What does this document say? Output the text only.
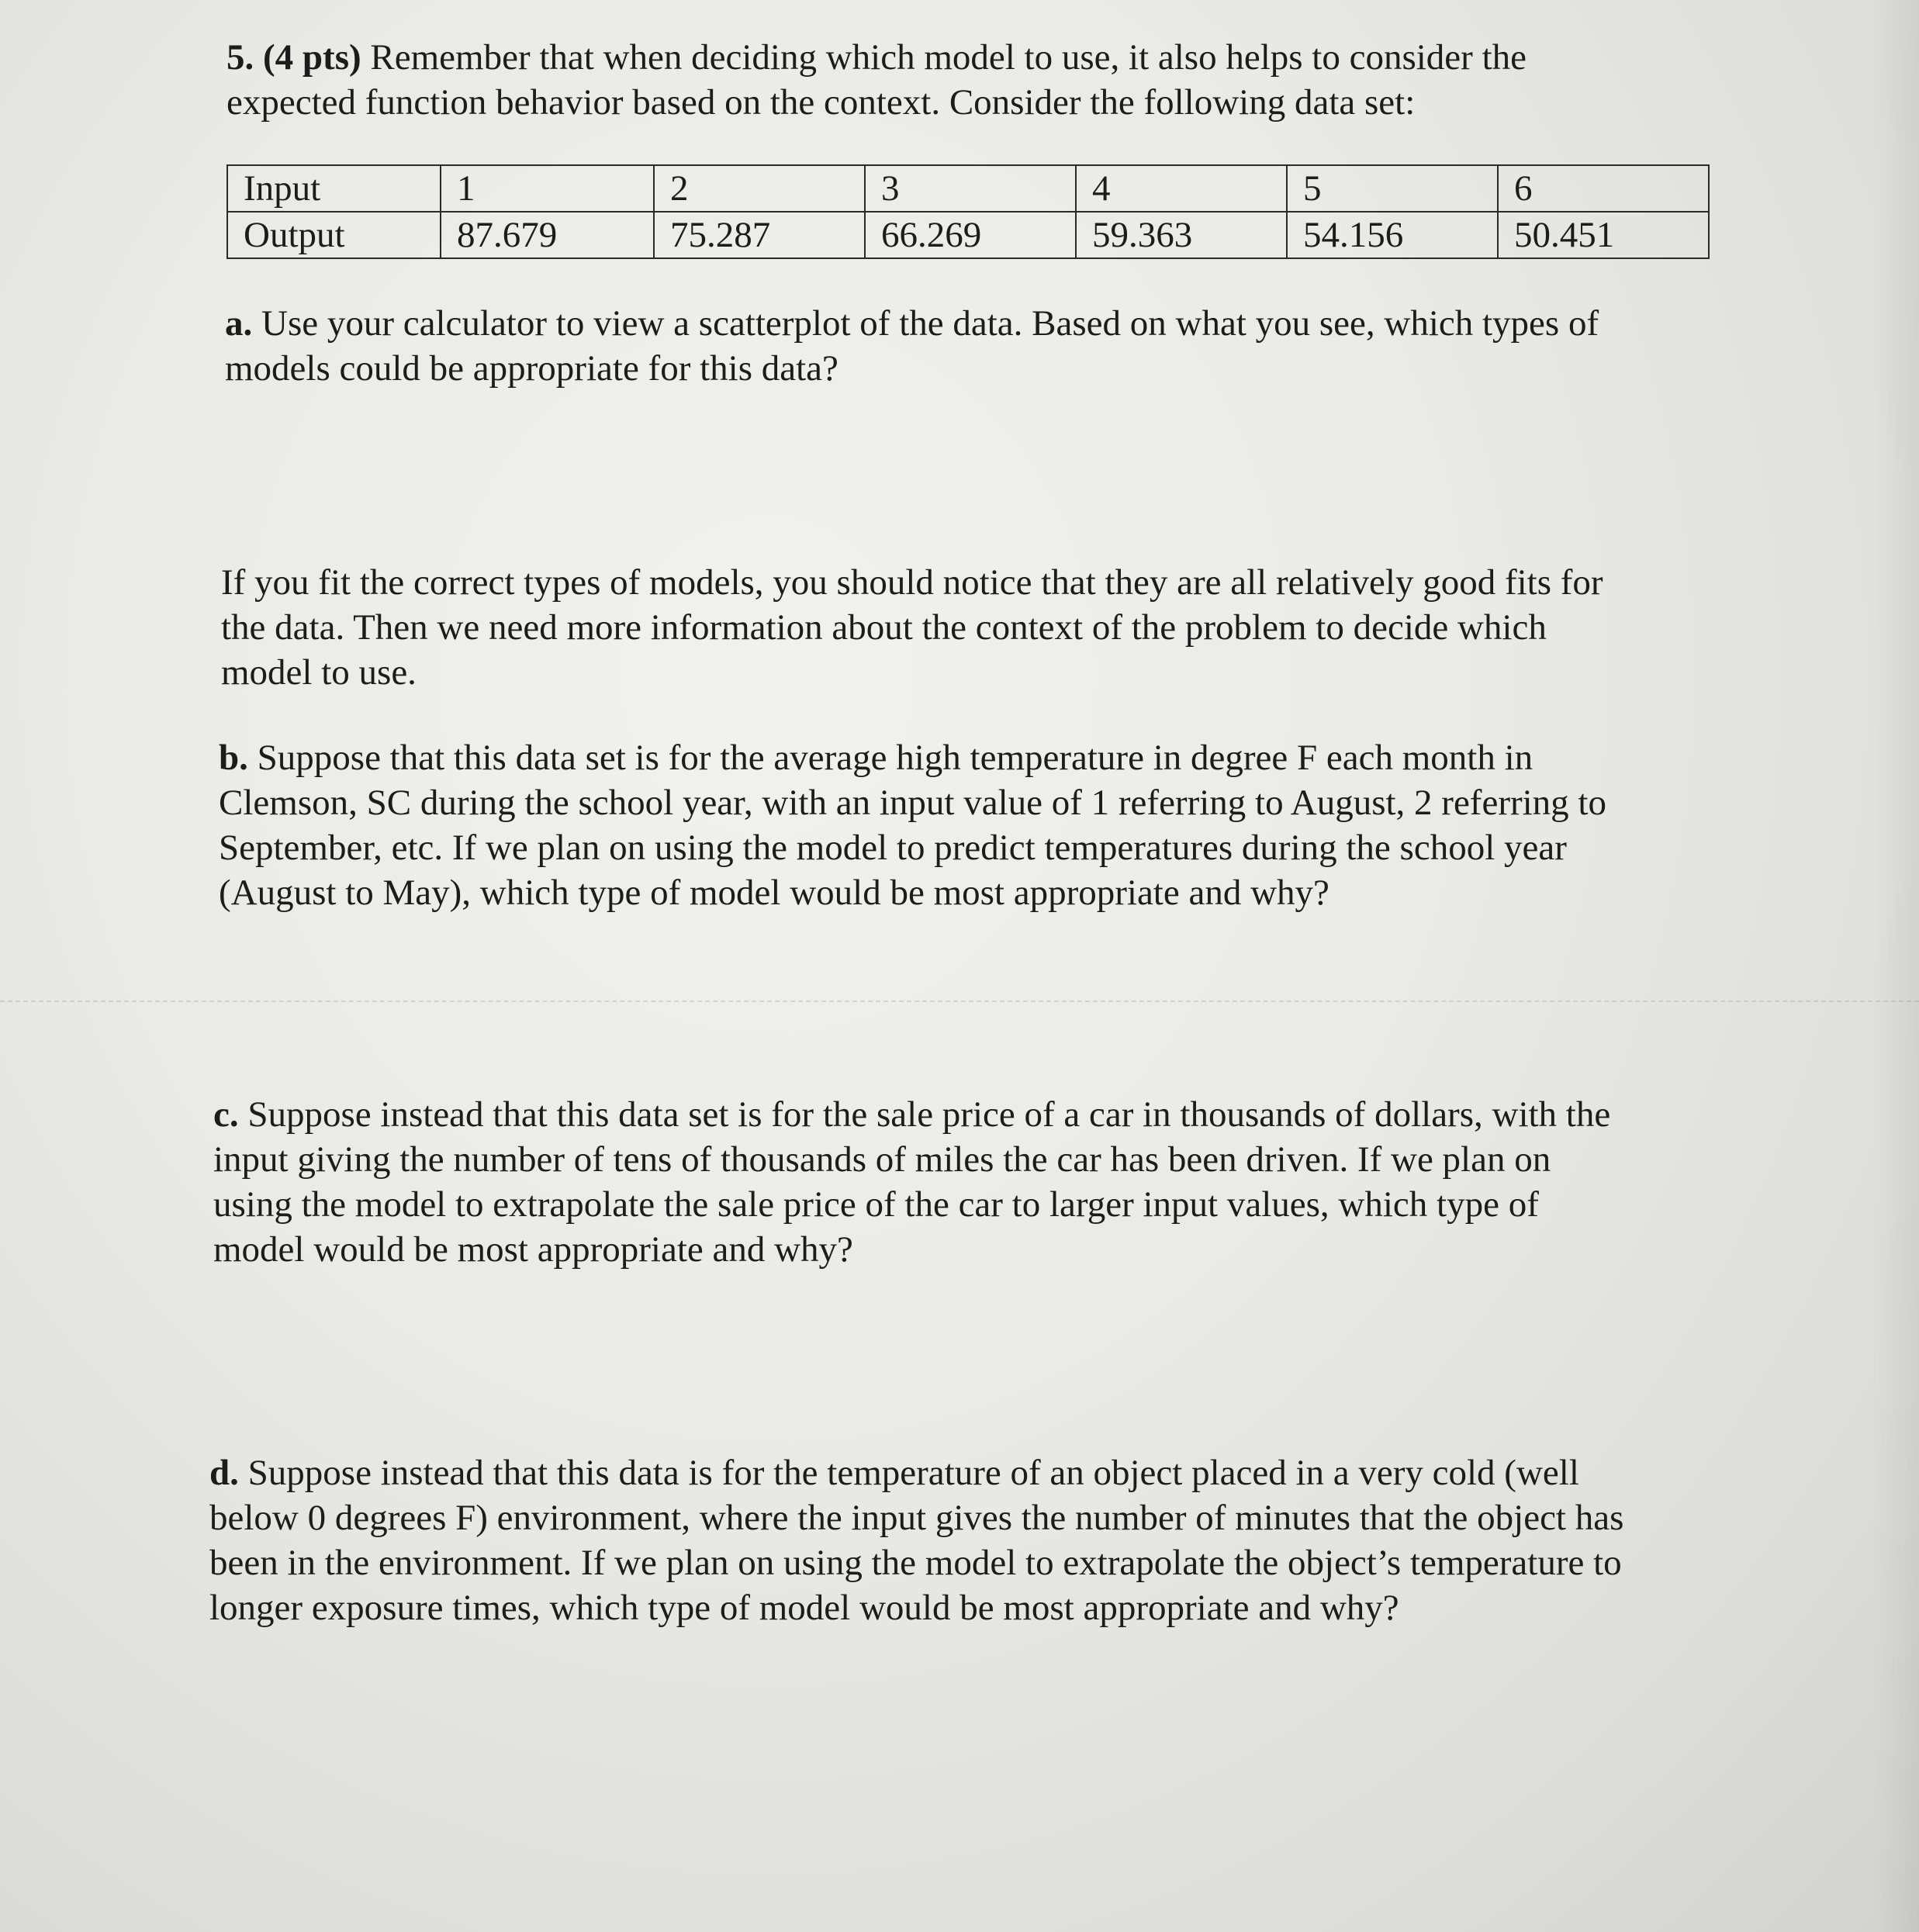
5. (4 pts) Remember that when deciding which model to use, it also helps to consider the

expected function behavior based on the context. Consider the following data set:

Input	1	2	3	4	5	6
Output	87.679	75.287	66.269	59.363	54.156	50.451

a. Use your calculator to view a scatterplot of the data. Based on what you see, which types of

models could be appropriate for this data?

If you fit the correct types of models, you should notice that they are all relatively good fits for

the data. Then we need more information about the context of the problem to decide which

model to use.

b. Suppose that this data set is for the average high temperature in degree F each month in

Clemson, SC during the school year, with an input value of 1 referring to August, 2 referring to

September, etc. If we plan on using the model to predict temperatures during the school year

(August to May), which type of model would be most appropriate and why?

c. Suppose instead that this data set is for the sale price of a car in thousands of dollars, with the

input giving the number of tens of thousands of miles the car has been driven. If we plan on

using the model to extrapolate the sale price of the car to larger input values, which type of

model would be most appropriate and why?

d. Suppose instead that this data is for the temperature of an object placed in a very cold (well

below 0 degrees F) environment, where the input gives the number of minutes that the object has

been in the environment. If we plan on using the model to extrapolate the object’s temperature to

longer exposure times, which type of model would be most appropriate and why?
